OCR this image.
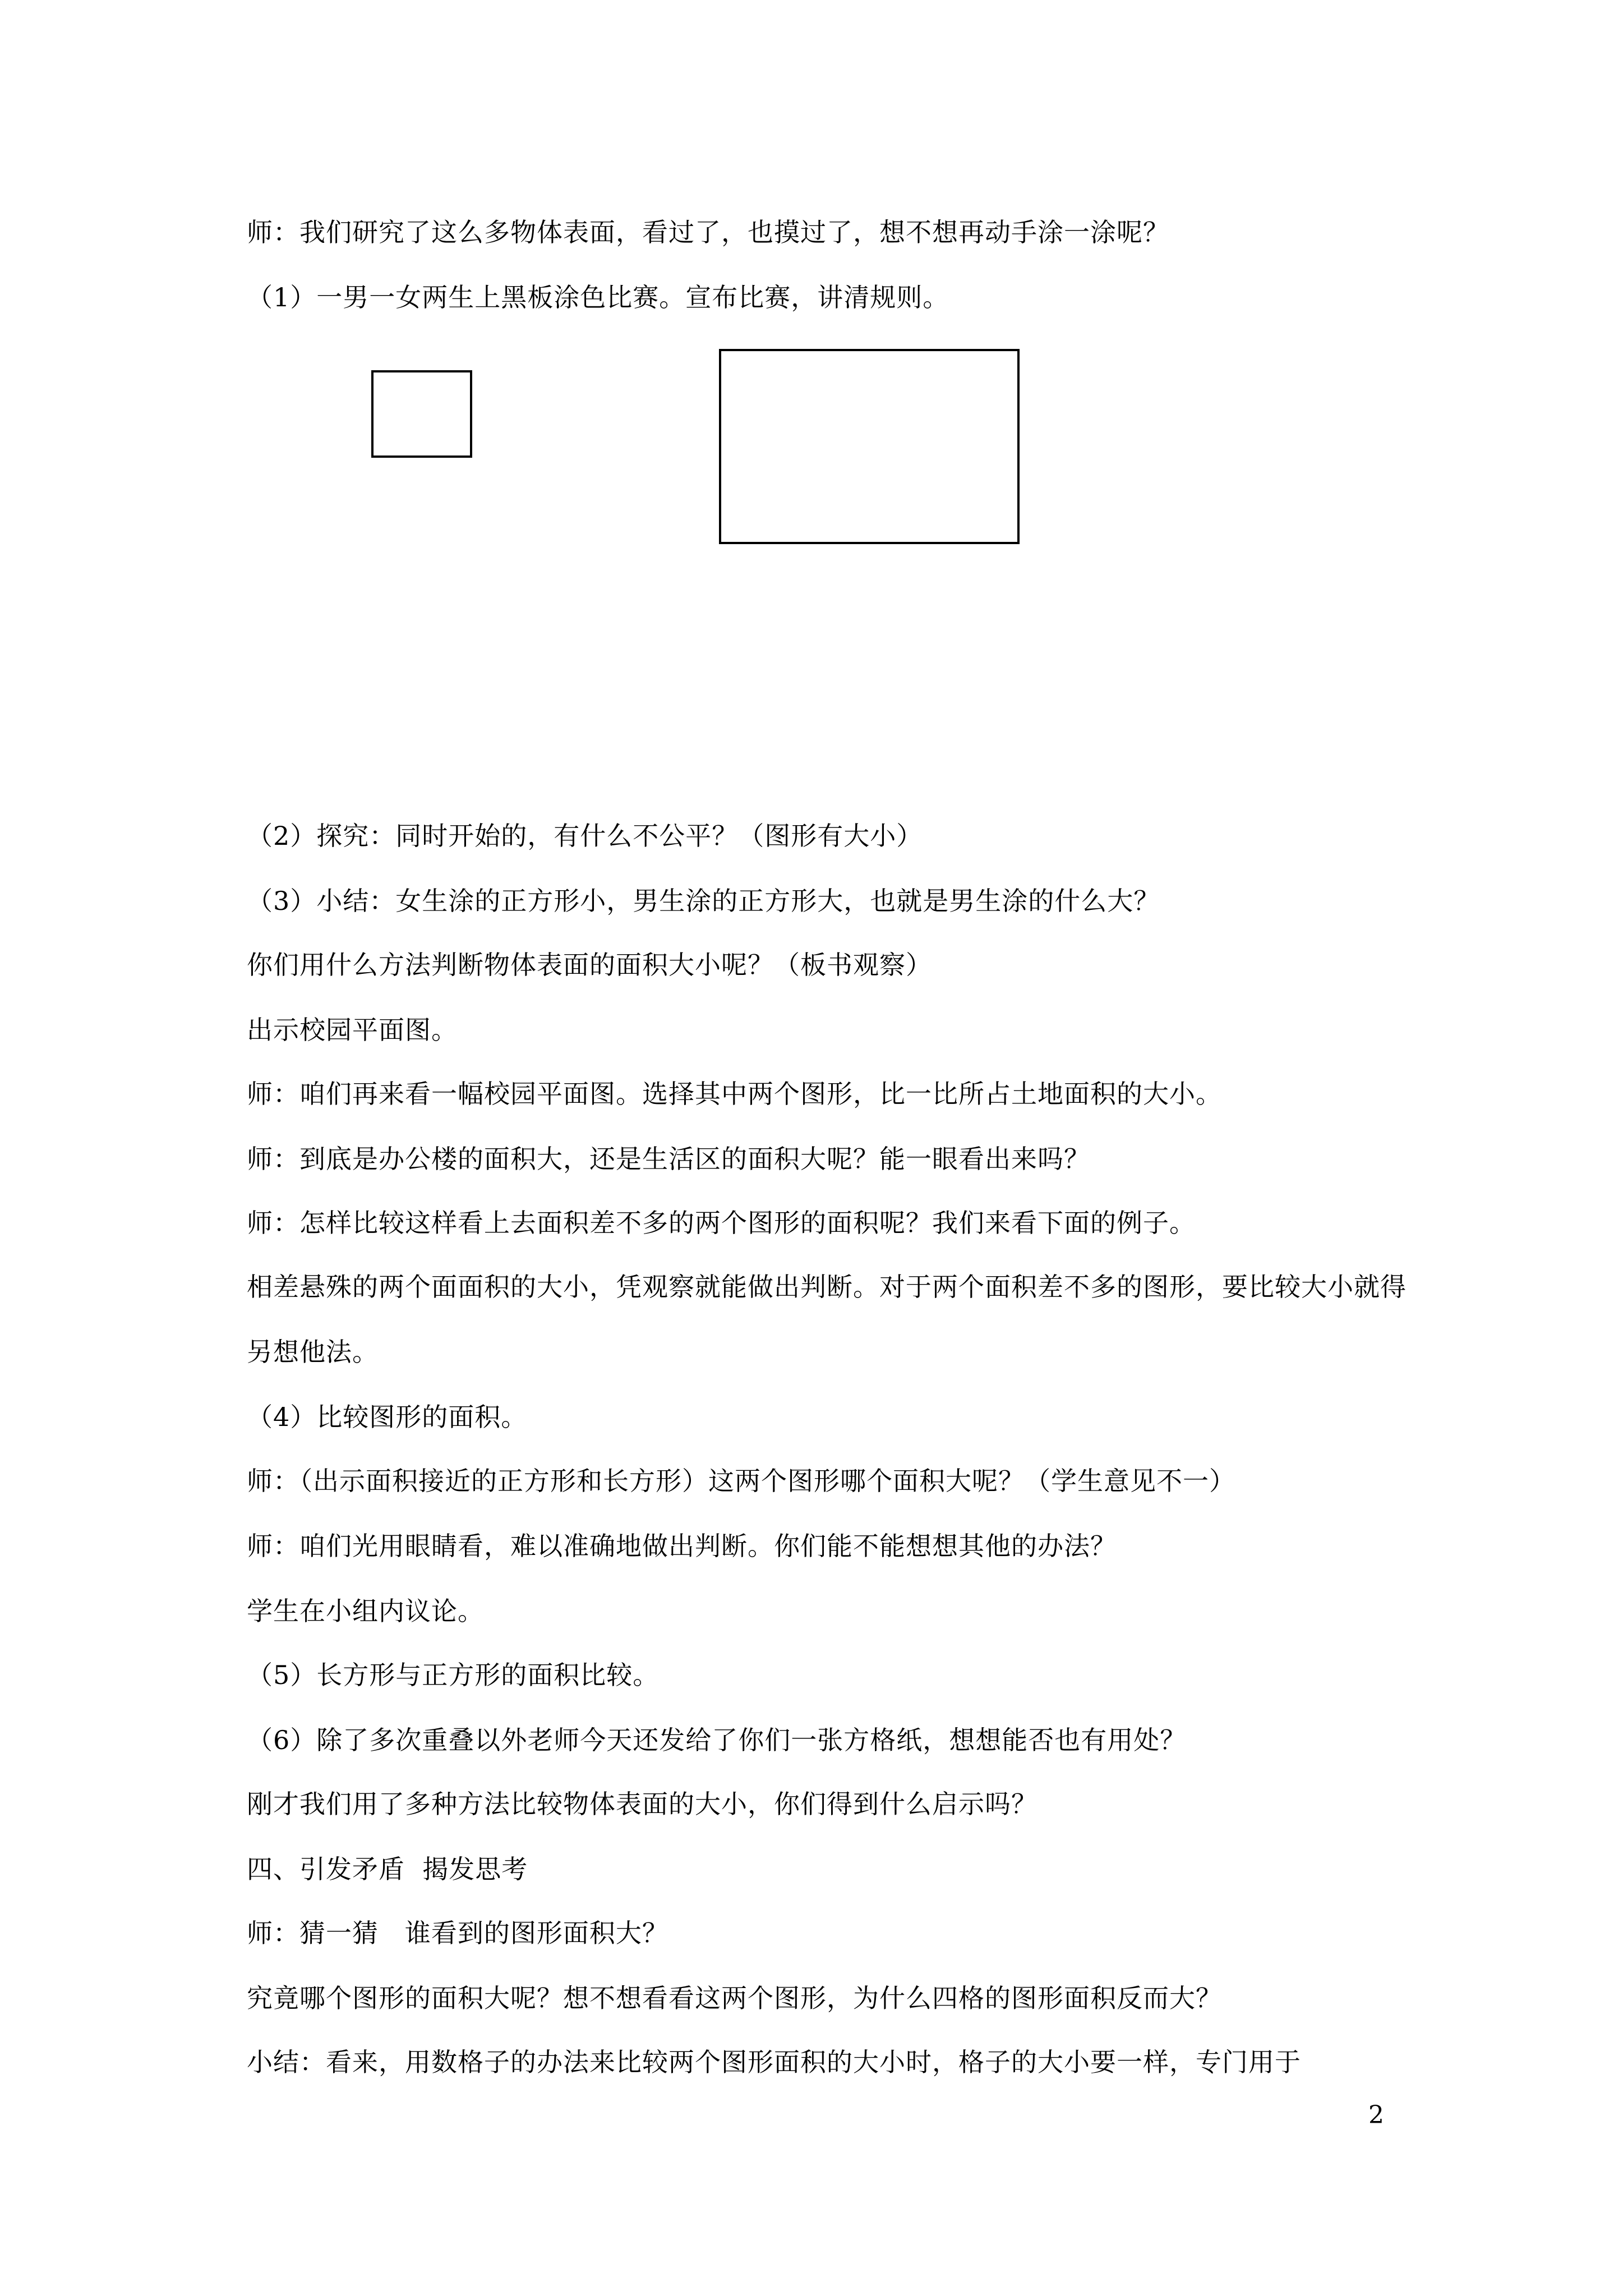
师：我们研究了这么多物体表面，看过了，也摸过了，想不想再动手涂一涂呢？
（1）一男一女两生上黑板涂色比赛。宣布比赛，讲清规则。
（2）探究：同时开始的，有什么不公平？（图形有大小）
（3）小结：女生涂的正方形小，男生涂的正方形大，也就是男生涂的什么大？
你们用什么方法判断物体表面的面积大小呢？（板书观察）
出示校园平面图。
师：咱们再来看一幅校园平面图。选择其中两个图形，比一比所占土地面积的大小。
师：到底是办公楼的面积大，还是生活区的面积大呢？能一眼看出来吗？
师：怎样比较这样看上去面积差不多的两个图形的面积呢？我们来看下面的例子。
相差悬殊的两个面面积的大小，凭观察就能做出判断。对于两个面积差不多的图形，要比较大小就得另想他法。
（4）比较图形的面积。
师：（出示面积接近的正方形和长方形）这两个图形哪个面积大呢？（学生意见不一）
师：咱们光用眼睛看，难以准确地做出判断。你们能不能想想其他的办法？
学生在小组内议论。
（5）长方形与正方形的面积比较。
（6）除了多次重叠以外老师今天还发给了你们一张方格纸，想想能否也有用处？
刚才我们用了多种方法比较物体表面的大小，你们得到什么启示吗？
四、引发矛盾  揭发思考
师：猜一猜   谁看到的图形面积大？
究竟哪个图形的面积大呢？想不想看看这两个图形，为什么四格的图形面积反而大？
小结：看来，用数格子的办法来比较两个图形面积的大小时，格子的大小要一样，专门用于
2
